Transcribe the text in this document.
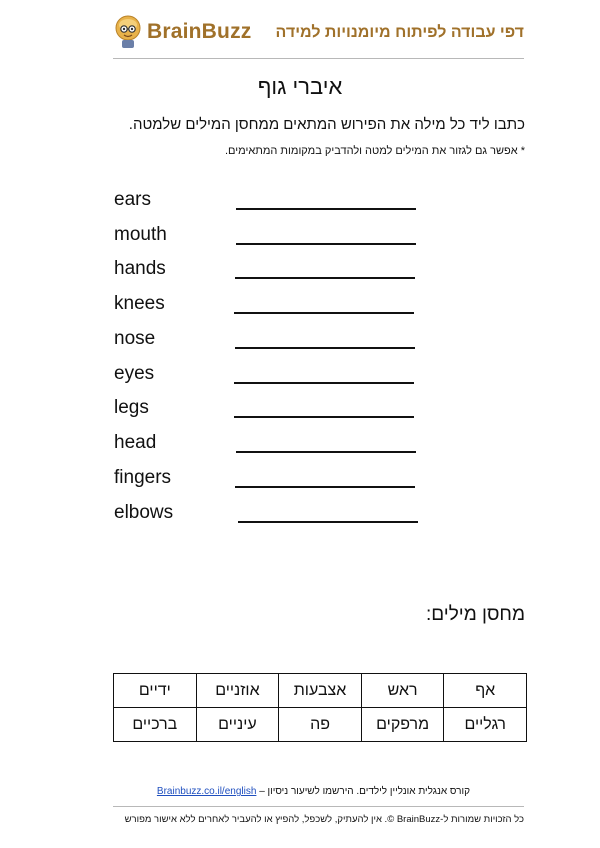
BrainBuzz דפי עבודה לפיתוח מיומנויות למידה
איברי גוף
כתבו ליד כל מילה את הפירוש המתאים ממחסן המילים שלמטה.
* אפשר גם לגזור את המילים למטה ולהדביק במקומות המתאימים.
ears
mouth
hands
knees
nose
eyes
legs
head
fingers
elbows
מחסן מילים:
אף	ראש	אצבעות	אוזניים	ידיים
רגליים	מרפקים	פה	עיניים	ברכיים
קורס אנגלית אונליין לילדים. הירשמו לשיעור ניסיון – Brainbuzz.co.il/english
כל הזכויות שמורות ל-BrainBuzz ©. אין להעתיק, לשכפל, להפיץ או להעביר לאחרים ללא אישור מפורש
